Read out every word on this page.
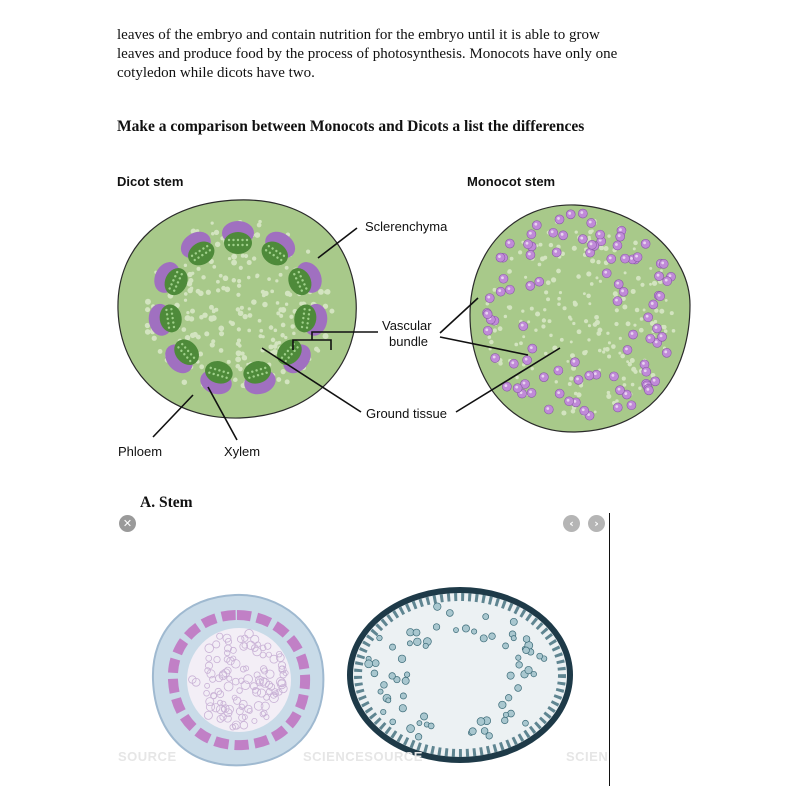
leaves of the embryo and contain nutrition for the embryo until it is able to grow
leaves and produce food by the process of photosynthesis. Monocots have only one
cotyledon while dicots have two.
Make a comparison between Monocots and Dicots a list the differences
Dicot stem	Monocot stem
Sclerenchyma
Vascular
bundle
Ground tissue
Phloem	Xylem
A. Stem
✕	‹	›
SOURCE	SCIENCESOURCE	SCIEN
